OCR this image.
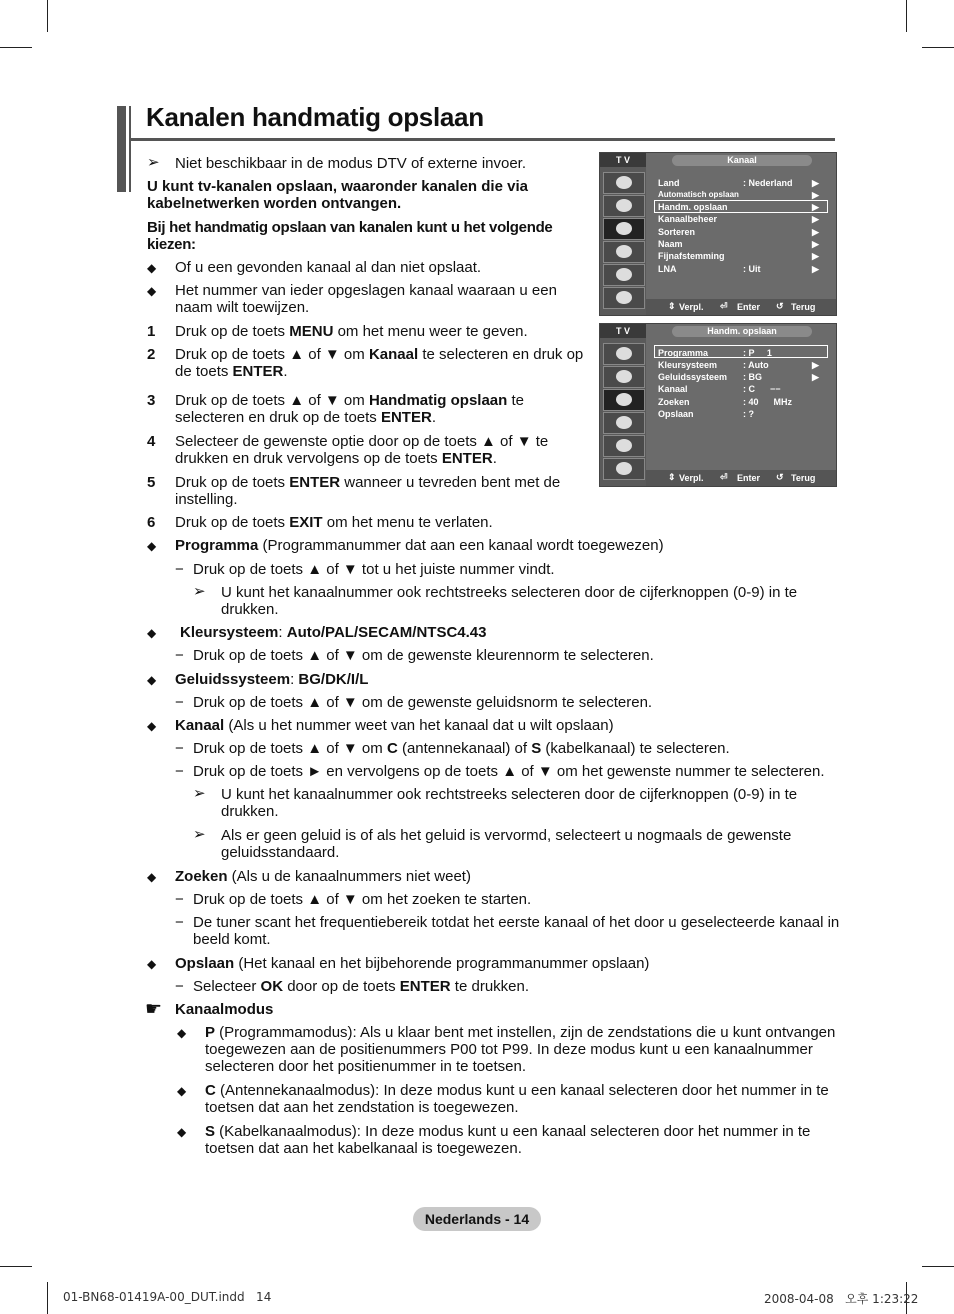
Kanalen handmatig opslaan
➢ Niet beschikbaar in de modus DTV of externe invoer.
U kunt tv-kanalen opslaan, waaronder kanalen die via kabelnetwerken worden ontvangen.
Bij het handmatig opslaan van kanalen kunt u het volgende kiezen:
◆ Of u een gevonden kanaal al dan niet opslaat.
◆ Het nummer van ieder opgeslagen kanaal waaraan u een naam wilt toewijzen.
1 Druk op de toets MENU om het menu weer te geven.
2 Druk op de toets ▲ of ▼ om Kanaal te selecteren en druk op
de toets ENTER.
3 Druk op de toets ▲ of ▼ om Handmatig opslaan te
selecteren en druk op de toets ENTER.
4 Selecteer de gewenste optie door op de toets ▲ of ▼ te
drukken en druk vervolgens op de toets ENTER.
5 Druk op de toets ENTER wanneer u tevreden bent met de
instelling.
6 Druk op de toets EXIT om het menu te verlaten.
◆ Programma (Programmanummer dat aan een kanaal wordt toegewezen)
− Druk op de toets ▲ of ▼ tot u het juiste nummer vindt.
➢ U kunt het kanaalnummer ook rechtstreeks selecteren door de cijferknoppen (0-9) in te
drukken.
◆ Kleursysteem: Auto/PAL/SECAM/NTSC4.43
− Druk op de toets ▲ of ▼ om de gewenste kleurennorm te selecteren.
◆ Geluidssysteem: BG/DK/I/L
− Druk op de toets ▲ of ▼ om de gewenste geluidsnorm te selecteren.
◆ Kanaal (Als u het nummer weet van het kanaal dat u wilt opslaan)
− Druk op de toets ▲ of ▼ om C (antennekanaal) of S (kabelkanaal) te selecteren.
− Druk op de toets ► en vervolgens op de toets ▲ of ▼ om het gewenste nummer te selecteren.
➢ U kunt het kanaalnummer ook rechtstreeks selecteren door de cijferknoppen (0-9) in te
drukken.
➢ Als er geen geluid is of als het geluid is vervormd, selecteert u nogmaals de gewenste
geluidsstandaard.
◆ Zoeken (Als u de kanaalnummers niet weet)
− Druk op de toets ▲ of ▼ om het zoeken te starten.
− De tuner scant het frequentiebereik totdat het eerste kanaal of het door u geselecteerde kanaal in
beeld komt.
◆ Opslaan (Het kanaal en het bijbehorende programmanummer opslaan)
− Selecteer OK door op de toets ENTER te drukken.
☛ Kanaalmodus
◆ P (Programmamodus): Als u klaar bent met instellen, zijn de zendstations die u kunt ontvangen
toegewezen aan de positienummers P00 tot P99. In deze modus kunt u een kanaalnummer
selecteren door het positienummer in te toetsen.
◆ C (Antennekanaalmodus): In deze modus kunt u een kanaal selecteren door het nummer in te
toetsen dat aan het zendstation is toegewezen.
◆ S (Kabelkanaalmodus): In deze modus kunt u een kanaal selecteren door het nummer in te
toetsen dat aan het kabelkanaal is toegewezen.
T V	Kanaal
Land	: Nederland ▶
Automatisch opslaan	▶
Handm. opslaan	▶
Kanaalbeheer	▶
Sorteren	▶
Naam	▶
Fijnafstemming	▶
LNA	: Uit	▶
⇕ Verpl. ⏎ Enter ↺ Terug
T V	Handm. opslaan
Programma	: P     1
Kleursysteem	: Auto	▶
Geluidssysteem : BG	▶
Kanaal	: C      −−
Zoeken	: 40      MHz
Opslaan	: ?
⇕ Verpl. ⏎ Enter ↺ Terug
Nederlands - 14
01-BN68-01419A-00_DUT.indd   14	2008-04-08   오후 1:23:22
